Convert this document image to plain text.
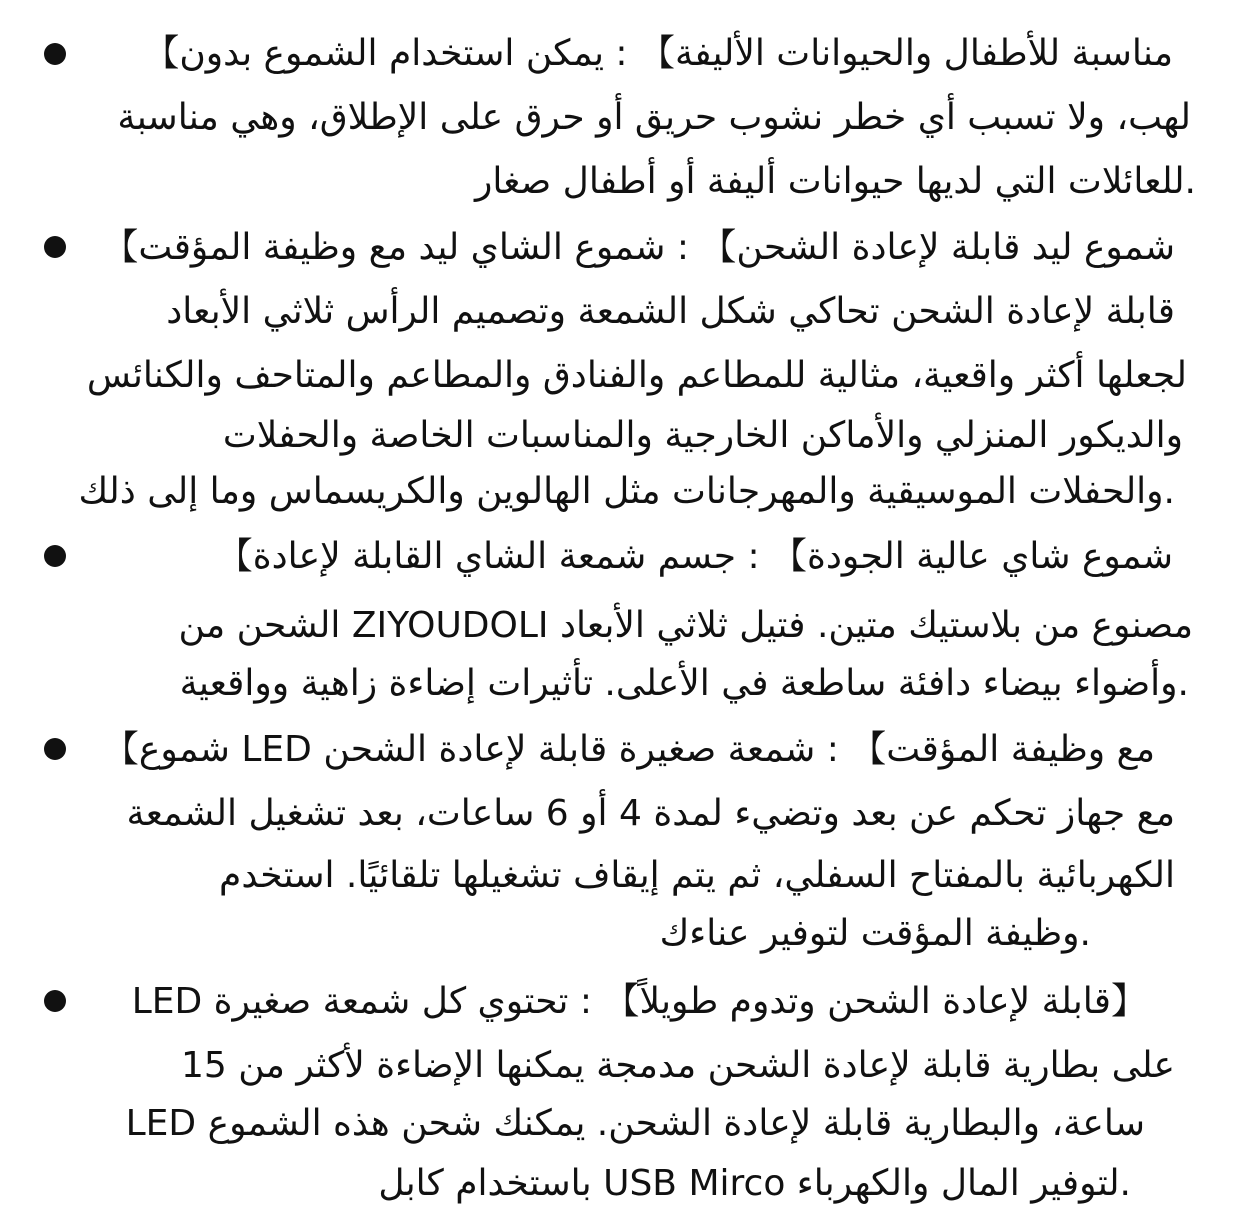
مناسبة للأطفال والحيوانات الأليفة】 : يمكن استخدام الشموع بدون】
لهب، ولا تسبب أي خطر نشوب حريق أو حرق على الإطلاق، وهي مناسبة
.للعائلات التي لديها حيوانات أليفة أو أطفال صغار
شموع ليد قابلة لإعادة الشحن】 : شموع الشاي ليد مع وظيفة المؤقت】
قابلة لإعادة الشحن تحاكي شكل الشمعة وتصميم الرأس ثلاثي الأبعاد
لجعلها أكثر واقعية، مثالية للمطاعم والفنادق والمطاعم والمتاحف والكنائس
والديكور المنزلي والأماكن الخارجية والمناسبات الخاصة والحفلات
.والحفلات الموسيقية والمهرجانات مثل الهالوين والكريسماس وما إلى ذلك
شموع شاي عالية الجودة】 : جسم شمعة الشاي القابلة لإعادة】
مصنوع من بلاستيك متين. فتيل ثلاثي الأبعاد ZIYOUDOLI الشحن من
.وأضواء بيضاء دافئة ساطعة في الأعلى. تأثيرات إضاءة زاهية وواقعية
مع وظيفة المؤقت】 : شمعة صغيرة قابلة لإعادة الشحن LED شموع】
مع جهاز تحكم عن بعد وتضيء لمدة 4 أو 6 ساعات، بعد تشغيل الشمعة
الكهربائية بالمفتاح السفلي، ثم يتم إيقاف تشغيلها تلقائيًا. استخدم
.وظيفة المؤقت لتوفير عناءك
LED قابلة لإعادة الشحن وتدوم طويلاً】 : تحتوي كل شمعة صغيرة】
على بطارية قابلة لإعادة الشحن مدمجة يمكنها الإضاءة لأكثر من 15
LED ساعة، والبطارية قابلة لإعادة الشحن. يمكنك شحن هذه الشموع
.لتوفير المال والكهرباء USB Mirco باستخدام كابل
